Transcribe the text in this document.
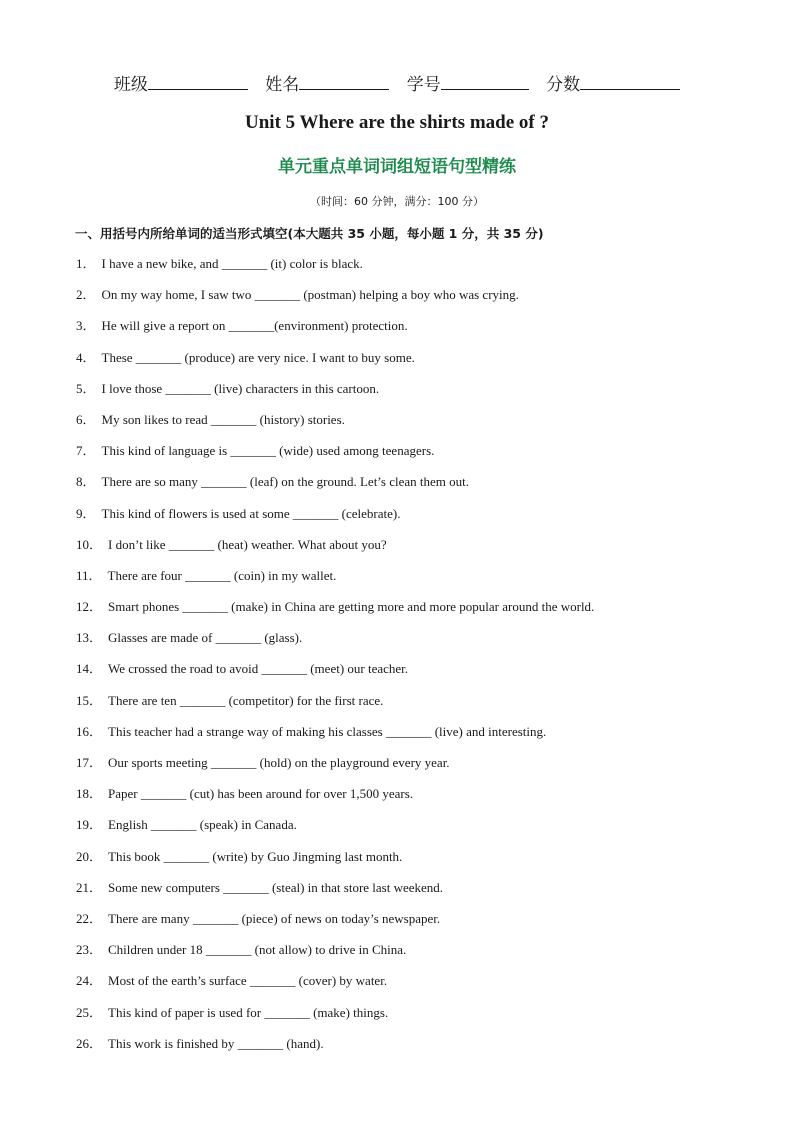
班级	姓名	学号	分数
Unit 5 Where are the shirts made of ?
单元重点单词词组短语句型精练
（时间：60 分钟，满分：100 分）
一、用括号内所给单词的适当形式填空(本大题共 35 小题，每小题 1 分，共 35 分)
1． I have a new bike, and _______ (it) color is black.
2． On my way home, I saw two _______ (postman) helping a boy who was crying.
3． He will give a report on _______(environment) protection.
4． These _______ (produce) are very nice. I want to buy some.
5． I love those _______ (live) characters in this cartoon.
6． My son likes to read _______ (history) stories.
7． This kind of language is _______ (wide) used among teenagers.
8． There are so many _______ (leaf) on the ground. Let’s clean them out.
9． This kind of flowers is used at some _______ (celebrate).
10． I don’t like _______ (heat) weather. What about you?
11． There are four _______ (coin) in my wallet.
12． Smart phones _______ (make) in China are getting more and more popular around the world.
13． Glasses are made of _______ (glass).
14． We crossed the road to avoid _______ (meet) our teacher.
15． There are ten _______ (competitor) for the first race.
16． This teacher had a strange way of making his classes _______ (live) and interesting.
17． Our sports meeting _______ (hold) on the playground every year.
18． Paper _______ (cut) has been around for over 1,500 years.
19． English _______ (speak) in Canada.
20． This book _______ (write) by Guo Jingming last month.
21． Some new computers _______ (steal) in that store last weekend.
22． There are many _______ (piece) of news on today’s newspaper.
23． Children under 18 _______ (not allow) to drive in China.
24． Most of the earth’s surface _______ (cover) by water.
25． This kind of paper is used for _______ (make) things.
26． This work is finished by _______ (hand).
